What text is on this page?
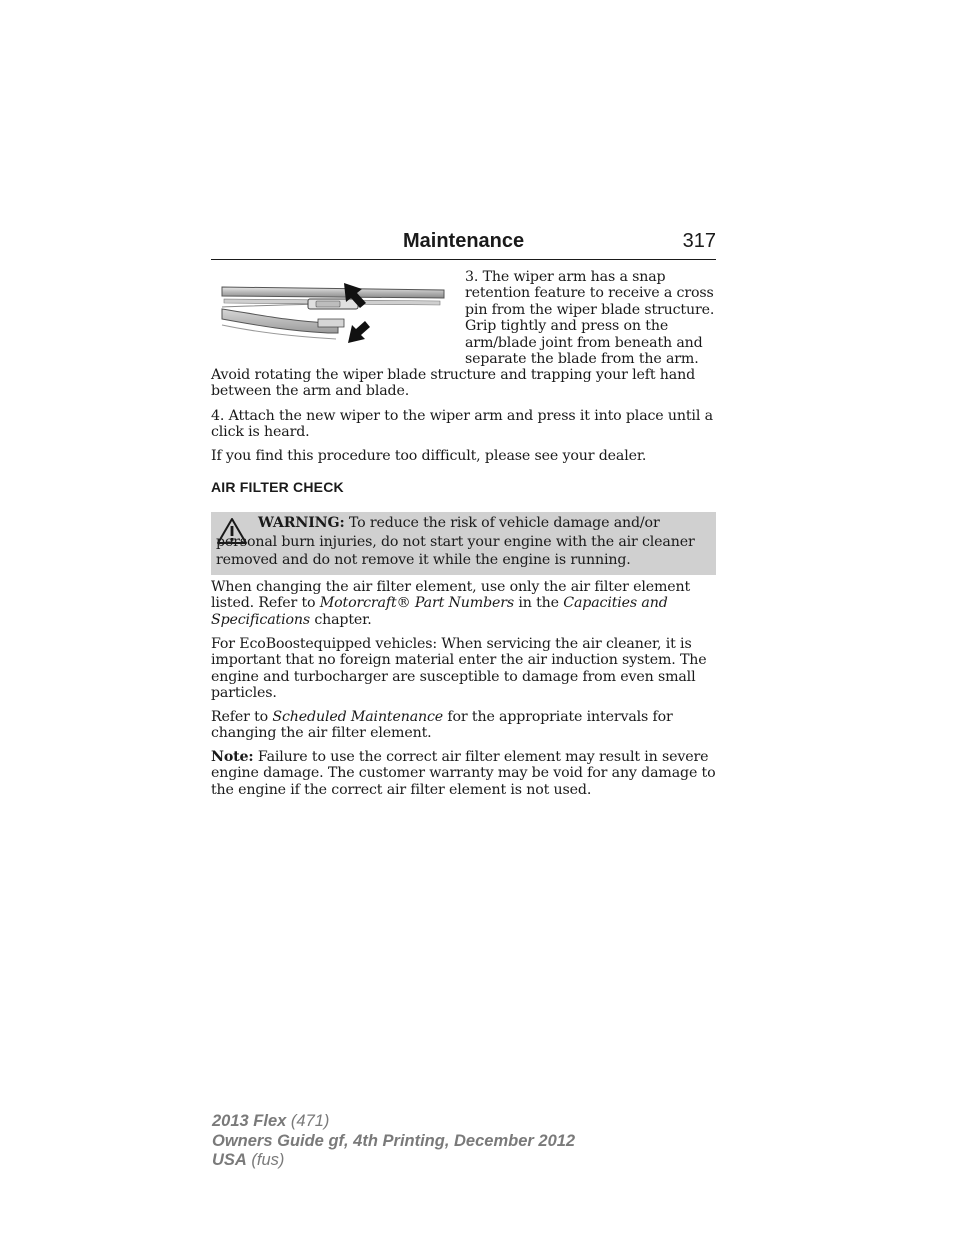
Maintenance	317

3. The wiper arm has a snap retention feature to receive a cross pin from the wiper blade structure. Grip tightly and press on the arm/blade joint from beneath and separate the blade from the arm.

Avoid rotating the wiper blade structure and trapping your left hand between the arm and blade.

4. Attach the new wiper to the wiper arm and press it into place until a click is heard.

If you find this procedure too difficult, please see your dealer.

AIR FILTER CHECK

WARNING: To reduce the risk of vehicle damage and/or personal burn injuries, do not start your engine with the air cleaner removed and do not remove it while the engine is running.

When changing the air filter element, use only the air filter element listed. Refer to Motorcraft® Part Numbers in the Capacities and Specifications chapter.

For EcoBoostequipped vehicles: When servicing the air cleaner, it is important that no foreign material enter the air induction system. The engine and turbocharger are susceptible to damage from even small particles.

Refer to Scheduled Maintenance for the appropriate intervals for changing the air filter element.

Note: Failure to use the correct air filter element may result in severe engine damage. The customer warranty may be void for any damage to the engine if the correct air filter element is not used.

2013 Flex (471)
Owners Guide gf, 4th Printing, December 2012
USA (fus)
